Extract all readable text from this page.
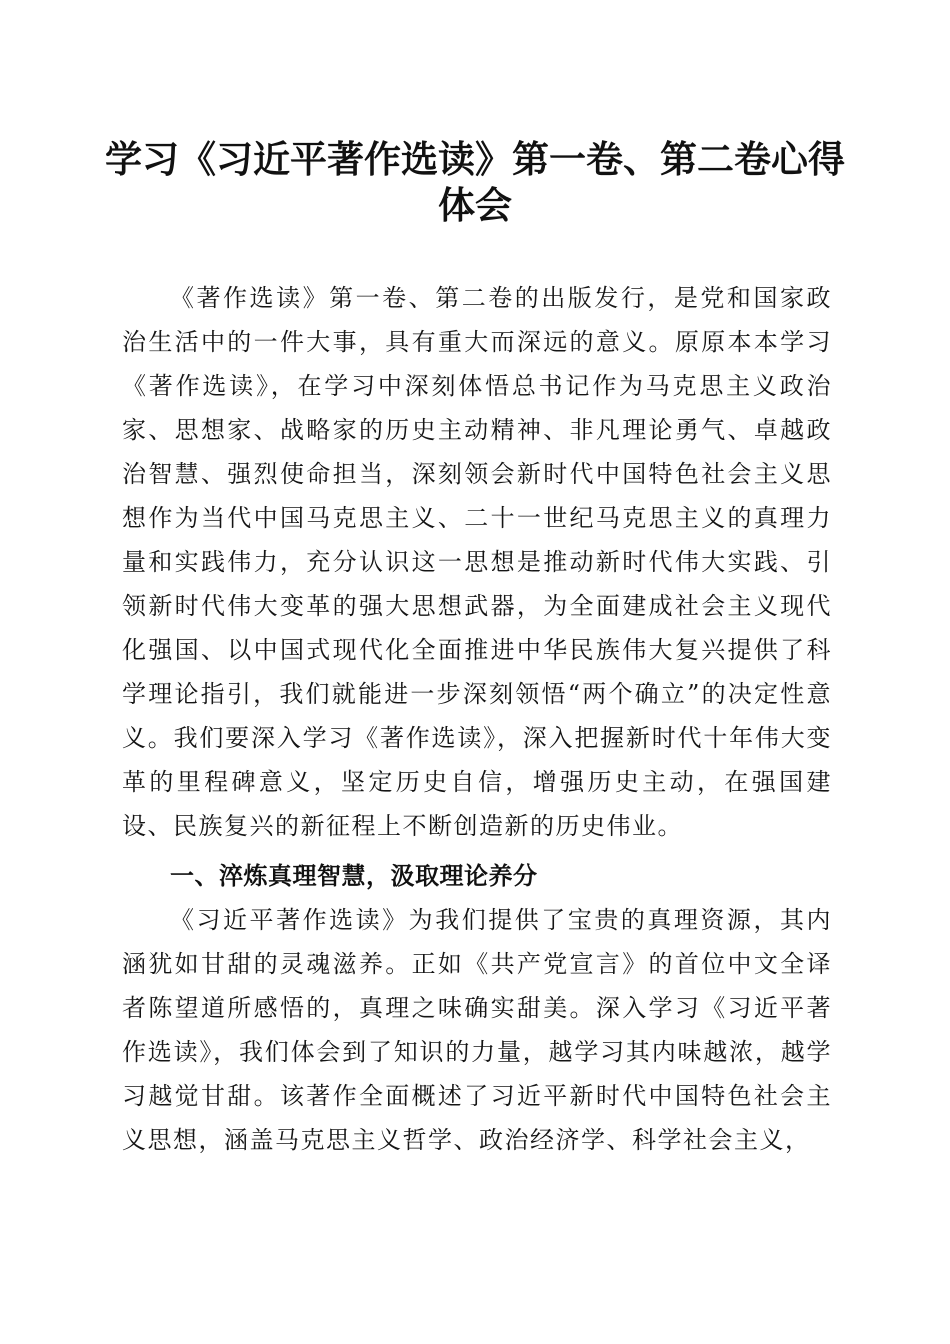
学习《习近平著作选读》第一卷、第二卷心得体会

《著作选读》第一卷、第二卷的出版发行，是党和国家政治生活中的一件大事，具有重大而深远的意义。原原本本学习《著作选读》，在学习中深刻体悟总书记作为马克思主义政治家、思想家、战略家的历史主动精神、非凡理论勇气、卓越政治智慧、强烈使命担当，深刻领会新时代中国特色社会主义思想作为当代中国马克思主义、二十一世纪马克思主义的真理力量和实践伟力，充分认识这一思想是推动新时代伟大实践、引领新时代伟大变革的强大思想武器，为全面建成社会主义现代化强国、以中国式现代化全面推进中华民族伟大复兴提供了科学理论指引，我们就能进一步深刻领悟“两个确立”的决定性意义。我们要深入学习《著作选读》，深入把握新时代十年伟大变革的里程碑意义，坚定历史自信，增强历史主动，在强国建设、民族复兴的新征程上不断创造新的历史伟业。

一、淬炼真理智慧，汲取理论养分

《习近平著作选读》为我们提供了宝贵的真理资源，其内涵犹如甘甜的灵魂滋养。正如《共产党宣言》的首位中文全译者陈望道所感悟的，真理之味确实甜美。深入学习《习近平著作选读》，我们体会到了知识的力量，越学习其内味越浓，越学习越觉甘甜。该著作全面概述了习近平新时代中国特色社会主义思想，涵盖马克思主义哲学、政治经济学、科学社会主义，
